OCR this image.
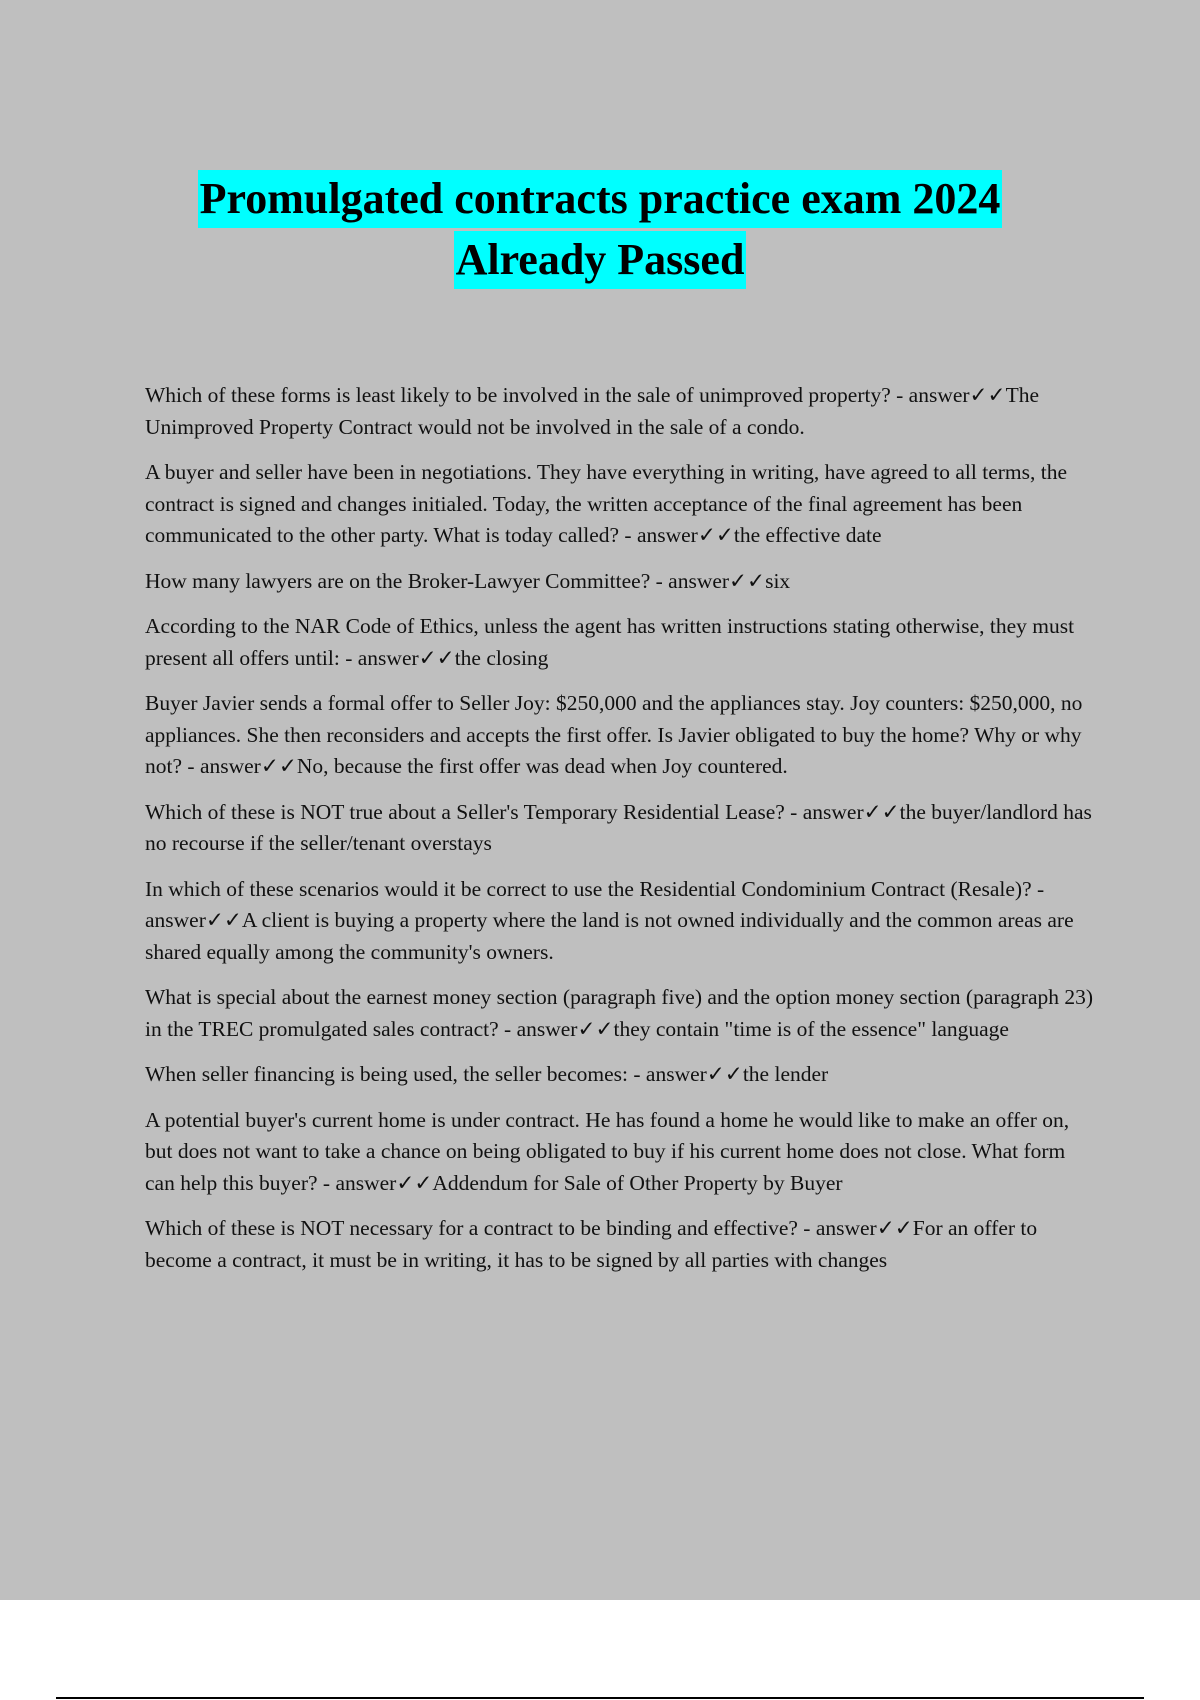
Promulgated contracts practice exam 2024
Already Passed

Which of these forms is least likely to be involved in the sale of unimproved property? - answer✓✓The Unimproved Property Contract would not be involved in the sale of a condo.

A buyer and seller have been in negotiations. They have everything in writing, have agreed to all terms, the contract is signed and changes initialed. Today, the written acceptance of the final agreement has been communicated to the other party. What is today called? - answer✓✓the effective date

How many lawyers are on the Broker-Lawyer Committee? - answer✓✓six

According to the NAR Code of Ethics, unless the agent has written instructions stating otherwise, they must present all offers until: - answer✓✓the closing

Buyer Javier sends a formal offer to Seller Joy: $250,000 and the appliances stay. Joy counters: $250,000, no appliances. She then reconsiders and accepts the first offer. Is Javier obligated to buy the home? Why or why not? - answer✓✓No, because the first offer was dead when Joy countered.

Which of these is NOT true about a Seller's Temporary Residential Lease? - answer✓✓the buyer/landlord has no recourse if the seller/tenant overstays

In which of these scenarios would it be correct to use the Residential Condominium Contract (Resale)? - answer✓✓A client is buying a property where the land is not owned individually and the common areas are shared equally among the community's owners.

What is special about the earnest money section (paragraph five) and the option money section (paragraph 23) in the TREC promulgated sales contract? - answer✓✓they contain "time is of the essence" language

When seller financing is being used, the seller becomes: - answer✓✓the lender

A potential buyer's current home is under contract. He has found a home he would like to make an offer on, but does not want to take a chance on being obligated to buy if his current home does not close. What form can help this buyer? - answer✓✓Addendum for Sale of Other Property by Buyer

Which of these is NOT necessary for a contract to be binding and effective? - answer✓✓For an offer to become a contract, it must be in writing, it has to be signed by all parties with changes
